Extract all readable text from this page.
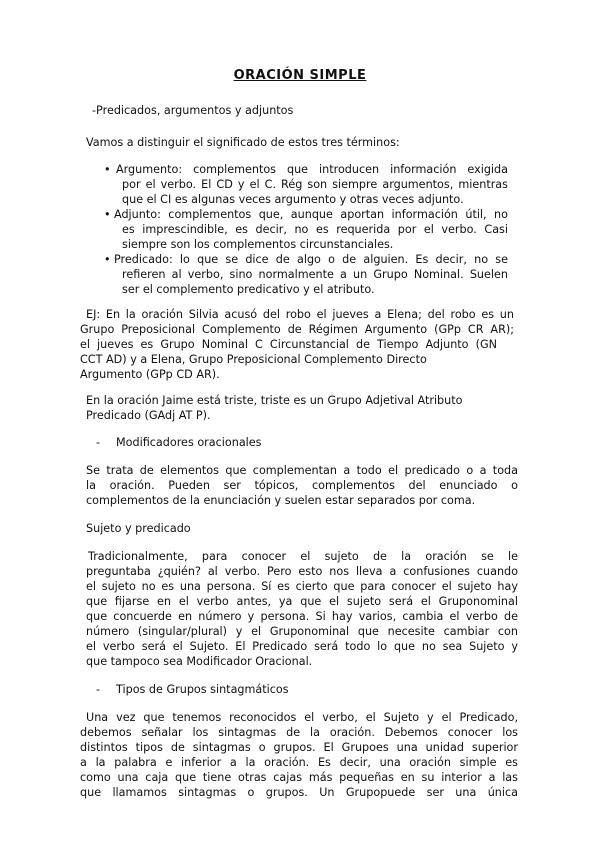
ORACIÓN SIMPLE
-Predicados, argumentos y adjuntos
Vamos a distinguir el significado de estos tres términos:
• Argumento: complementos que introducen información exigida
por el verbo. El CD y el C. Rég son siempre argumentos, mientras
que el CI es algunas veces argumento y otras veces adjunto.
• Adjunto: complementos que, aunque aportan información útil, no
es imprescindible, es decir, no es requerida por el verbo. Casi
siempre son los complementos circunstanciales.
• Predicado: lo que se dice de algo o de alguien. Es decir, no se
refieren al verbo, sino normalmente a un Grupo Nominal. Suelen
ser el complemento predicativo y el atributo.
EJ: En la oración Silvia acusó del robo el jueves a Elena; del robo es un
Grupo Preposicional Complemento de Régimen Argumento (GPp CR AR);
el jueves es Grupo Nominal C Circunstancial de Tiempo Adjunto (GN
CCT AD) y a Elena, Grupo Preposicional Complemento Directo
Argumento (GPp CD AR).
En la oración Jaime está triste, triste es un Grupo Adjetival Atributo
Predicado (GAdj AT P).
- Modificadores oracionales
Se trata de elementos que complementan a todo el predicado o a toda
la oración. Pueden ser tópicos, complementos del enunciado o
complementos de la enunciación y suelen estar separados por coma.
Sujeto y predicado
Tradicionalmente, para conocer el sujeto de la oración se le
preguntaba ¿quién? al verbo. Pero esto nos lleva a confusiones cuando
el sujeto no es una persona. Sí es cierto que para conocer el sujeto hay
que fijarse en el verbo antes, ya que el sujeto será el Gruponominal
que concuerde en número y persona. Si hay varios, cambia el verbo de
número (singular/plural) y el Gruponominal que necesite cambiar con
el verbo será el Sujeto. El Predicado será todo lo que no sea Sujeto y
que tampoco sea Modificador Oracional.
- Tipos de Grupos sintagmáticos
Una vez que tenemos reconocidos el verbo, el Sujeto y el Predicado,
debemos señalar los sintagmas de la oración. Debemos conocer los
distintos tipos de sintagmas o grupos. El Grupoes una unidad superior
a la palabra e inferior a la oración. Es decir, una oración simple es
como una caja que tiene otras cajas más pequeñas en su interior a las
que llamamos sintagmas o grupos. Un Grupopuede ser una única
